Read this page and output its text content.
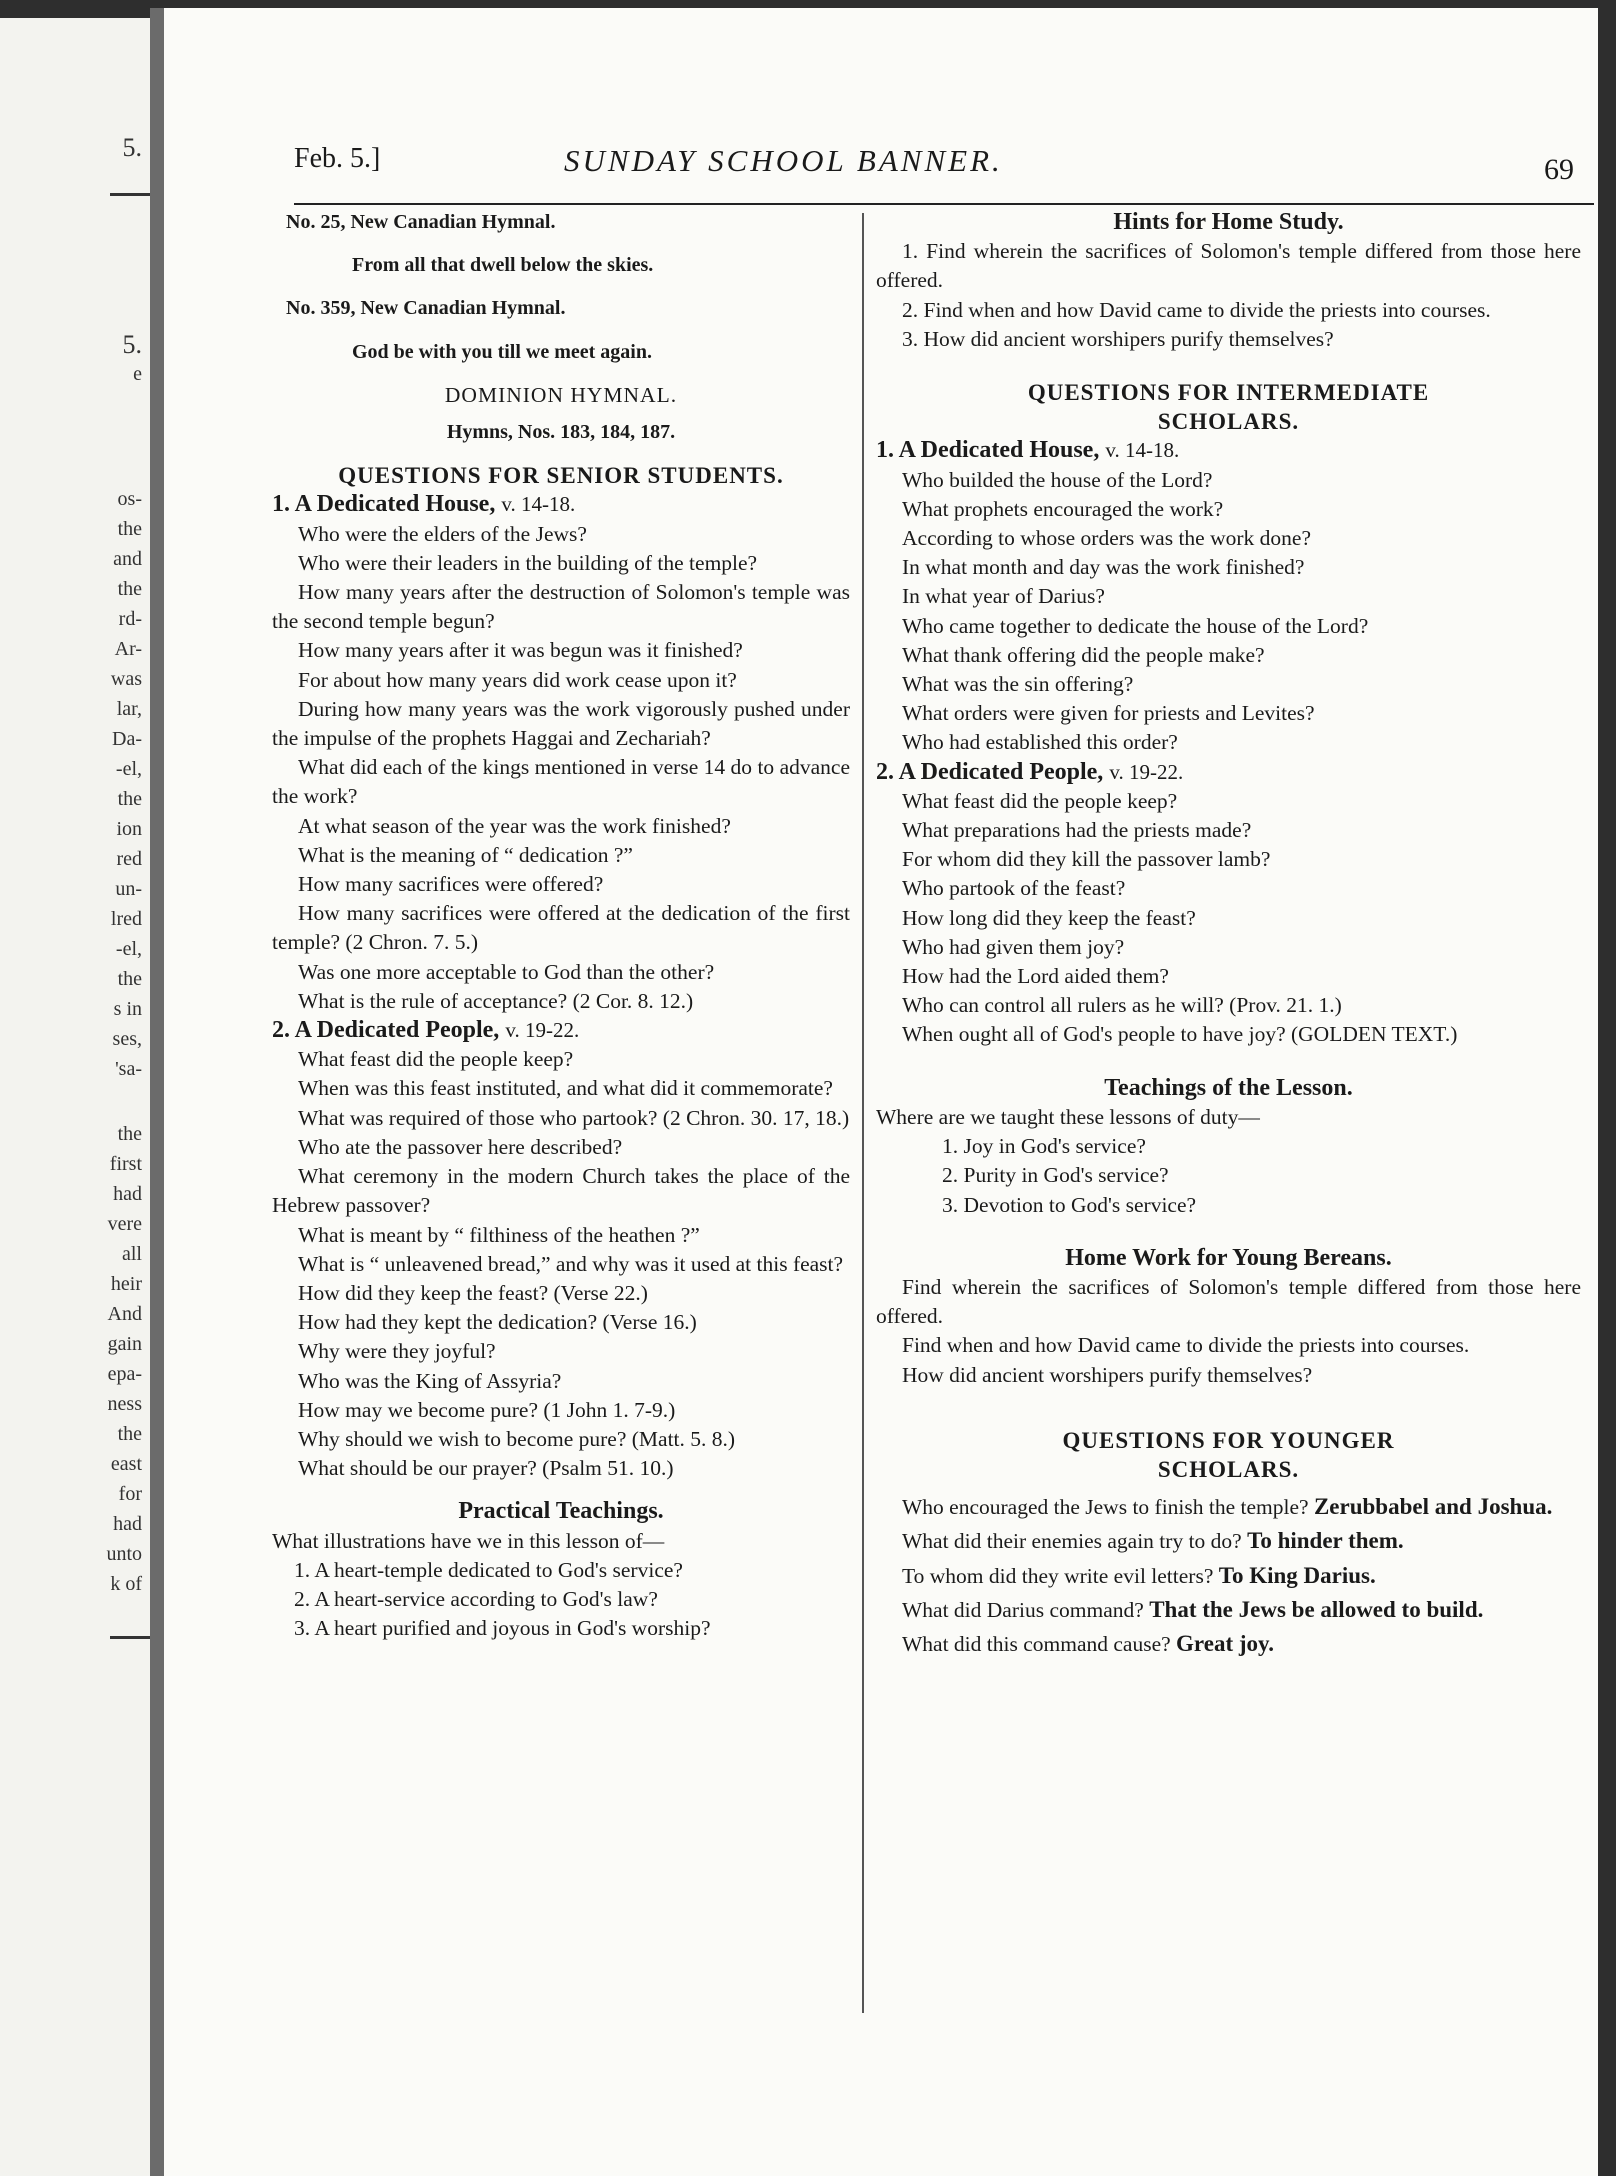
5.
5.
e
os-
the
and
the
rd-
Ar-
was
lar,
Da-
-el,
the
ion
red
un-
lred
-el,
the
s in
ses,
'sa-
the
first
had
vere
all
heir
And
gain
epa-
ness
the
east
for
had
unto
k of
Feb. 5.]	SUNDAY SCHOOL BANNER.	69

No. 25, New Canadian Hymnal.

From all that dwell below the skies.

No. 359, New Canadian Hymnal.

God be with you till we meet again.

DOMINION HYMNAL.

Hymns, Nos. 183, 184, 187.

QUESTIONS FOR SENIOR STUDENTS.

1. A Dedicated House, v. 14-18.

Who were the elders of the Jews?

Who were their leaders in the building of the temple?

How many years after the destruction of Solomon's temple was the second temple begun?

How many years after it was begun was it finished?

For about how many years did work cease upon it?

During how many years was the work vigorously pushed under the impulse of the prophets Haggai and Zechariah?

What did each of the kings mentioned in verse 14 do to advance the work?

At what season of the year was the work finished?

What is the meaning of “ dedication ?”

How many sacrifices were offered?

How many sacrifices were offered at the dedication of the first temple? (2 Chron. 7. 5.)

Was one more acceptable to God than the other?

What is the rule of acceptance? (2 Cor. 8. 12.)

2. A Dedicated People, v. 19-22.

What feast did the people keep?

When was this feast instituted, and what did it commemorate?

What was required of those who partook? (2 Chron. 30. 17, 18.)

Who ate the passover here described?

What ceremony in the modern Church takes the place of the Hebrew passover?

What is meant by “ filthiness of the heathen ?”

What is “ unleavened bread,” and why was it used at this feast?

How did they keep the feast? (Verse 22.)

How had they kept the dedication? (Verse 16.)

Why were they joyful?

Who was the King of Assyria?

How may we become pure? (1 John 1. 7-9.)

Why should we wish to become pure? (Matt. 5. 8.)

What should be our prayer? (Psalm 51. 10.)

Practical Teachings.

What illustrations have we in this lesson of—

1. A heart-temple dedicated to God's service?

2. A heart-service according to God's law?

3. A heart purified and joyous in God's worship?

Hints for Home Study.

1. Find wherein the sacrifices of Solomon's temple differed from those here offered.

2. Find when and how David came to divide the priests into courses.

3. How did ancient worshipers purify themselves?

QUESTIONS FOR INTERMEDIATE

SCHOLARS.

1. A Dedicated House, v. 14-18.

Who builded the house of the Lord?

What prophets encouraged the work?

According to whose orders was the work done?

In what month and day was the work finished?

In what year of Darius?

Who came together to dedicate the house of the Lord?

What thank offering did the people make?

What was the sin offering?

What orders were given for priests and Levites?

Who had established this order?

2. A Dedicated People, v. 19-22.

What feast did the people keep?

What preparations had the priests made?

For whom did they kill the passover lamb?

Who partook of the feast?

How long did they keep the feast?

Who had given them joy?

How had the Lord aided them?

Who can control all rulers as he will? (Prov. 21. 1.)

When ought all of God's people to have joy? (GOLDEN TEXT.)

Teachings of the Lesson.

Where are we taught these lessons of duty—

1. Joy in God's service?

2. Purity in God's service?

3. Devotion to God's service?

Home Work for Young Bereans.

Find wherein the sacrifices of Solomon's temple differed from those here offered.

Find when and how David came to divide the priests into courses.

How did ancient worshipers purify themselves?

QUESTIONS FOR YOUNGER

SCHOLARS.

Who encouraged the Jews to finish the temple? Zerubbabel and Joshua.

What did their enemies again try to do? To hinder them.

To whom did they write evil letters? To King Darius.

What did Darius command? That the Jews be allowed to build.

What did this command cause? Great joy.
